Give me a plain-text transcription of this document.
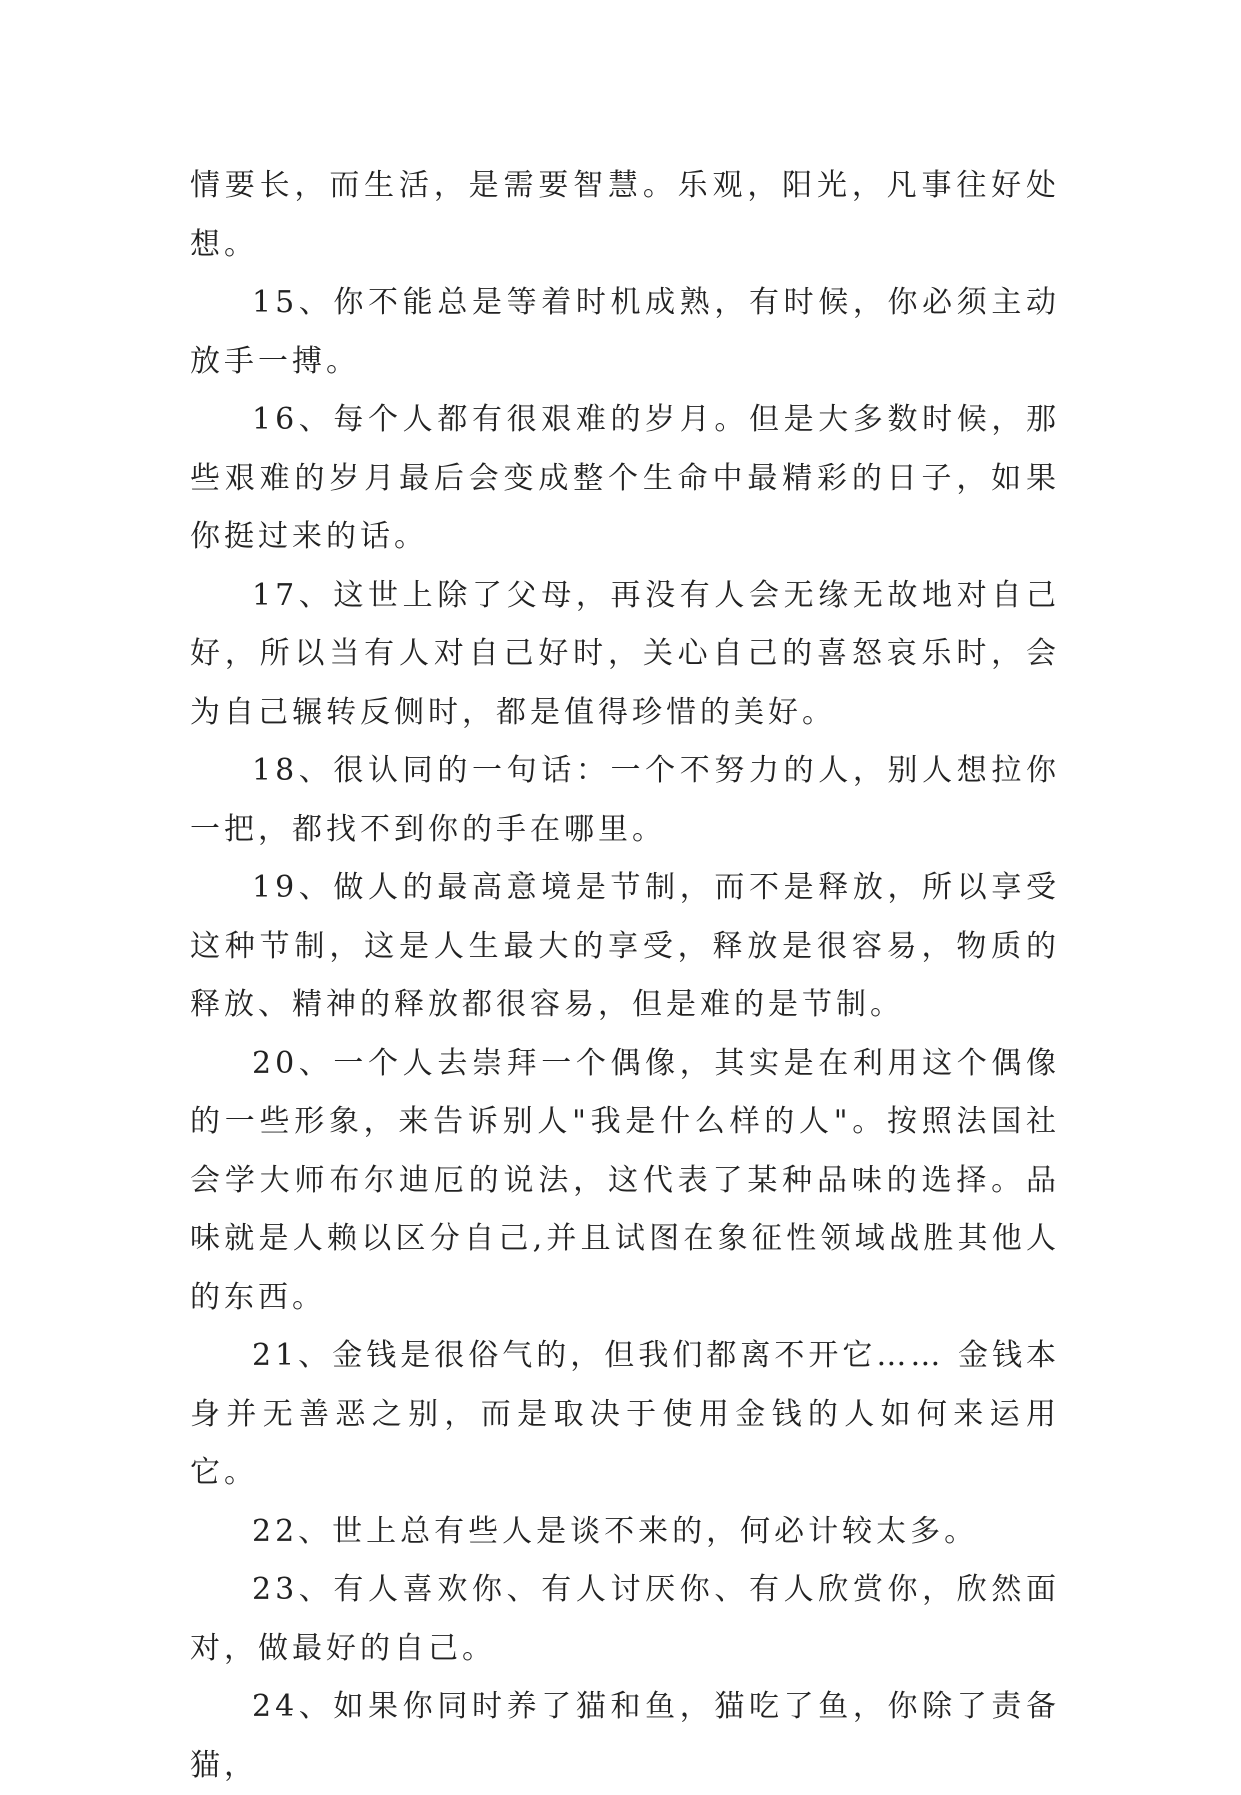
情要长，而生活，是需要智慧。乐观，阳光，凡事往好处想。

15、你不能总是等着时机成熟，有时候，你必须主动放手一搏。

16、每个人都有很艰难的岁月。但是大多数时候，那些艰难的岁月最后会变成整个生命中最精彩的日子，如果你挺过来的话。

17、这世上除了父母，再没有人会无缘无故地对自己好，所以当有人对自己好时，关心自己的喜怒哀乐时，会为自己辗转反侧时，都是值得珍惜的美好。

18、很认同的一句话：一个不努力的人，别人想拉你一把，都找不到你的手在哪里。

19、做人的最高意境是节制，而不是释放，所以享受这种节制，这是人生最大的享受，释放是很容易，物质的释放、精神的释放都很容易，但是难的是节制。

20、一个人去崇拜一个偶像，其实是在利用这个偶像的一些形象，来告诉别人"我是什么样的人"。按照法国社会学大师布尔迪厄的说法，这代表了某种品味的选择。品味就是人赖以区分自己,并且试图在象征性领域战胜其他人的东西。

21、金钱是很俗气的，但我们都离不开它…… 金钱本身并无善恶之别，而是取决于使用金钱的人如何来运用它。

22、世上总有些人是谈不来的，何必计较太多。

23、有人喜欢你、有人讨厌你、有人欣赏你，欣然面对，做最好的自己。

24、如果你同时养了猫和鱼，猫吃了鱼，你除了责备猫，
